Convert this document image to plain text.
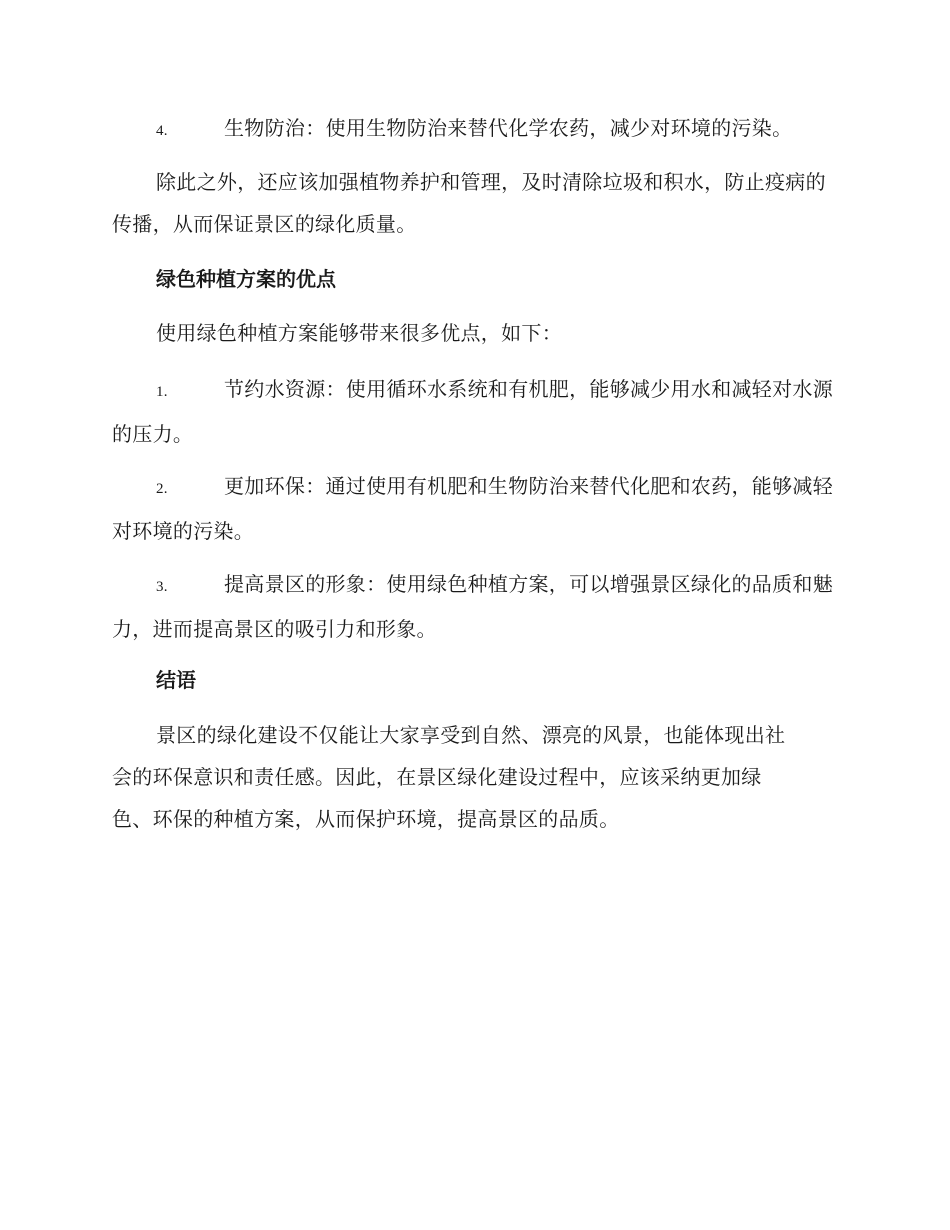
4.	生物防治：使用生物防治来替代化学农药，减少对环境的污染。

除此之外，还应该加强植物养护和管理，及时清除垃圾和积水，防止疫病的传播，从而保证景区的绿化质量。

绿色种植方案的优点

使用绿色种植方案能够带来很多优点，如下：

1.	节约水资源：使用循环水系统和有机肥，能够减少用水和减轻对水源的压力。

2.	更加环保：通过使用有机肥和生物防治来替代化肥和农药，能够减轻对环境的污染。

3.	提高景区的形象：使用绿色种植方案，可以增强景区绿化的品质和魅力，进而提高景区的吸引力和形象。

结语

景区的绿化建设不仅能让大家享受到自然、漂亮的风景，也能体现出社

会的环保意识和责任感。因此，在景区绿化建设过程中，应该采纳更加绿

色、环保的种植方案，从而保护环境，提高景区的品质。
